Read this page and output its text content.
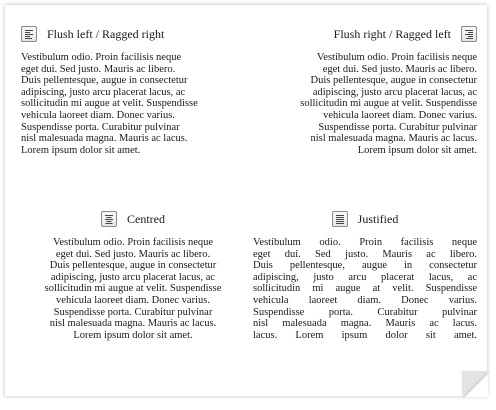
Flush left / Ragged right

Vestibulum odio. Proin facilisis neque
eget dui. Sed justo. Mauris ac libero.
Duis pellentesque, augue in consectetur
adipiscing, justo arcu placerat lacus, ac
sollicitudin mi augue at velit. Suspendisse
vehicula laoreet diam. Donec varius.
Suspendisse porta. Curabitur pulvinar
nisl malesuada magna. Mauris ac lacus.
Lorem ipsum dolor sit amet.

Flush right / Ragged left

Vestibulum odio. Proin facilisis neque
eget dui. Sed justo. Mauris ac libero.
Duis pellentesque, augue in consectetur
adipiscing, justo arcu placerat lacus, ac
sollicitudin mi augue at velit. Suspendisse
vehicula laoreet diam. Donec varius.
Suspendisse porta. Curabitur pulvinar
nisl malesuada magna. Mauris ac lacus.
Lorem ipsum dolor sit amet.

Centred

Vestibulum odio. Proin facilisis neque
eget dui. Sed justo. Mauris ac libero.
Duis pellentesque, augue in consectetur
adipiscing, justo arcu placerat lacus, ac
sollicitudin mi augue at velit. Suspendisse
vehicula laoreet diam. Donec varius.
Suspendisse porta. Curabitur pulvinar
nisl malesuada magna. Mauris ac lacus.
Lorem ipsum dolor sit amet.

Justified

Vestibulum odio. Proin facilisis neque
eget dui. Sed justo. Mauris ac libero.
Duis pellentesque, augue in consectetur
adipiscing, justo arcu placerat lacus, ac
sollicitudin mi augue at velit. Suspendisse
vehicula laoreet diam. Donec varius.
Suspendisse porta. Curabitur pulvinar
nisl malesuada magna. Mauris ac lacus.
lacus. Lorem ipsum dolor sit amet.
